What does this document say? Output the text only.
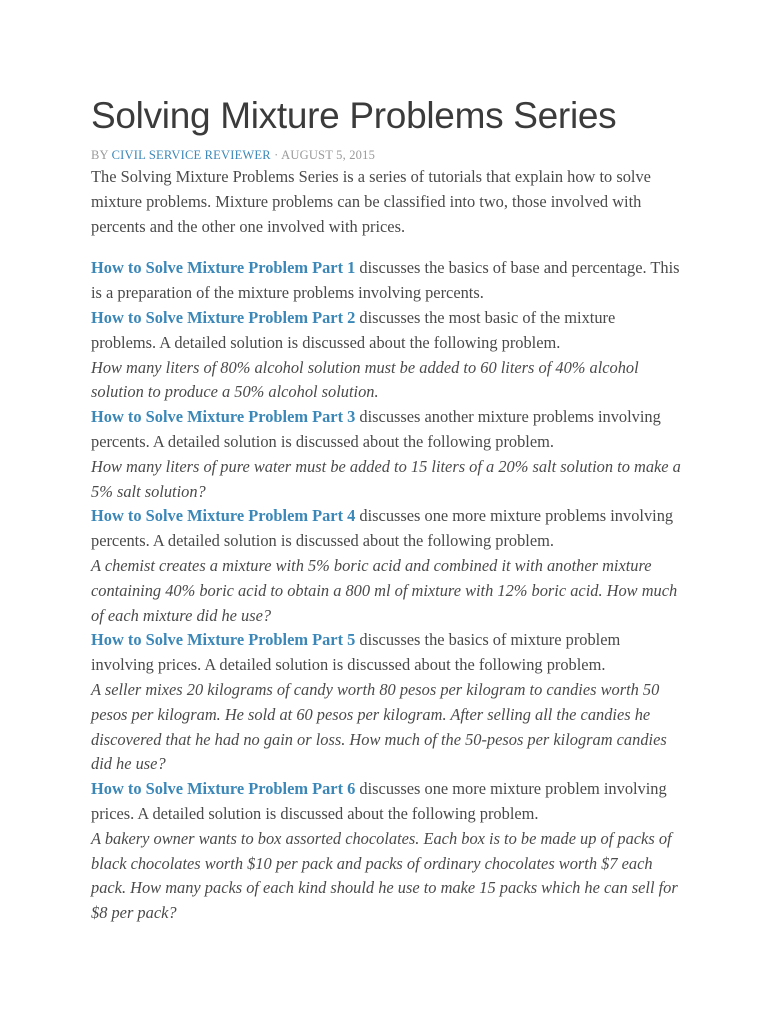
Solving Mixture Problems Series
BY CIVIL SERVICE REVIEWER · AUGUST 5, 2015
The Solving Mixture Problems Series is a series of tutorials that explain how to solve mixture problems. Mixture problems can be classified into two, those involved with percents and the other one involved with prices.
How to Solve Mixture Problem Part 1 discusses the basics of base and percentage. This is a preparation of the mixture problems involving percents.
How to Solve Mixture Problem Part 2 discusses the most basic of the mixture problems. A detailed solution is discussed about the following problem.
How many liters of 80% alcohol solution must be added to 60 liters of 40% alcohol solution to produce a 50% alcohol solution.
How to Solve Mixture Problem Part 3 discusses another mixture problems involving percents. A detailed solution is discussed about the following problem.
How many liters of pure water must be added to 15 liters of a 20% salt solution to make a 5% salt solution?
How to Solve Mixture Problem Part 4 discusses one more mixture problems involving percents. A detailed solution is discussed about the following problem.
A chemist creates a mixture with 5% boric acid and combined it with another mixture containing 40% boric acid to obtain a 800 ml of mixture with 12% boric acid. How much of each mixture did he use?
How to Solve Mixture Problem Part 5 discusses the basics of mixture problem involving prices. A detailed solution is discussed about the following problem.
A seller mixes 20 kilograms of candy worth 80 pesos per kilogram to candies worth 50 pesos per kilogram. He sold at 60 pesos per kilogram. After selling all the candies he discovered that he had no gain or loss. How much of the 50-pesos per kilogram candies did he use?
How to Solve Mixture Problem Part 6 discusses one more mixture problem involving prices. A detailed solution is discussed about the following problem.
A bakery owner wants to box assorted chocolates. Each box is to be made up of packs of black chocolates worth $10 per pack and packs of ordinary chocolates worth $7 each pack. How many packs of each kind should he use to make 15 packs which he can sell for $8 per pack?
